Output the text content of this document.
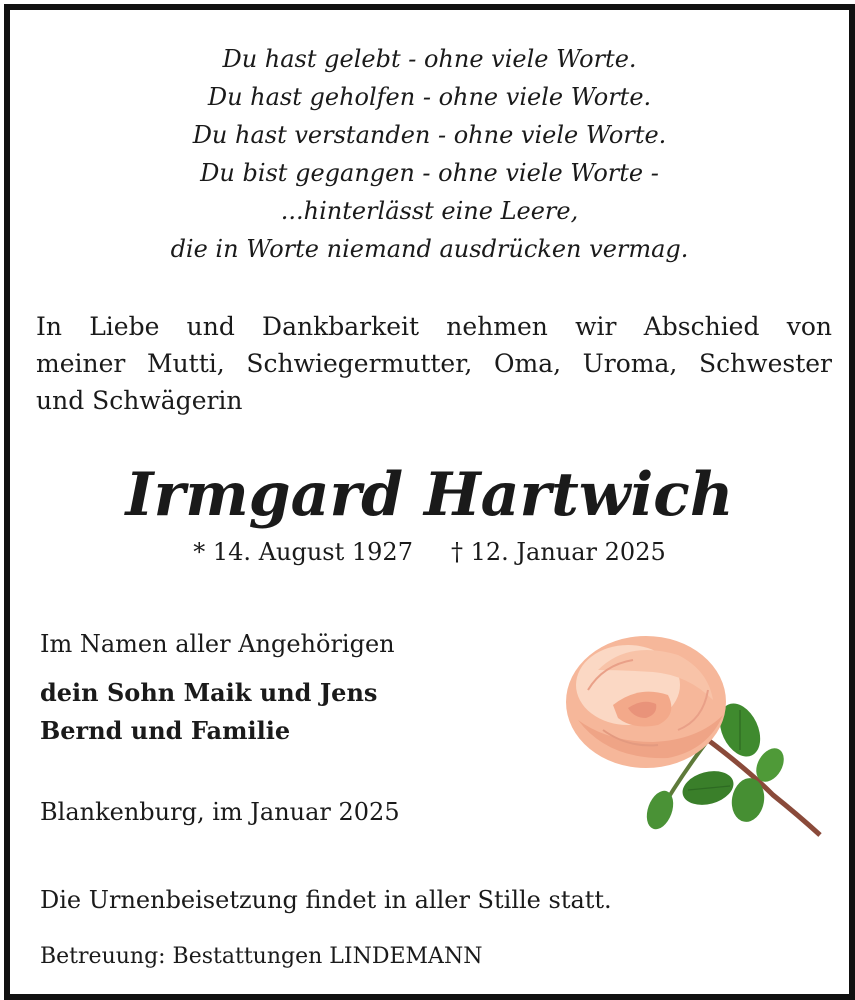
Du hast gelebt - ohne viele Worte.
Du hast geholfen - ohne viele Worte.
Du hast verstanden - ohne viele Worte.
Du bist gegangen - ohne viele Worte -
...hinterlässt eine Leere,
die in Worte niemand ausdrücken vermag.
In Liebe und Dankbarkeit nehmen wir Abschied von
meiner Mutti, Schwiegermutter, Oma, Uroma, Schwester
und Schwägerin
Irmgard Hartwich
* 14. August 1927 † 12. Januar 2025
Im Namen aller Angehörigen
dein Sohn Maik und Jens
Bernd und Familie
Blankenburg, im Januar 2025
Die Urnenbeisetzung findet in aller Stille statt.
Betreuung: Bestattungen LINDEMANN
